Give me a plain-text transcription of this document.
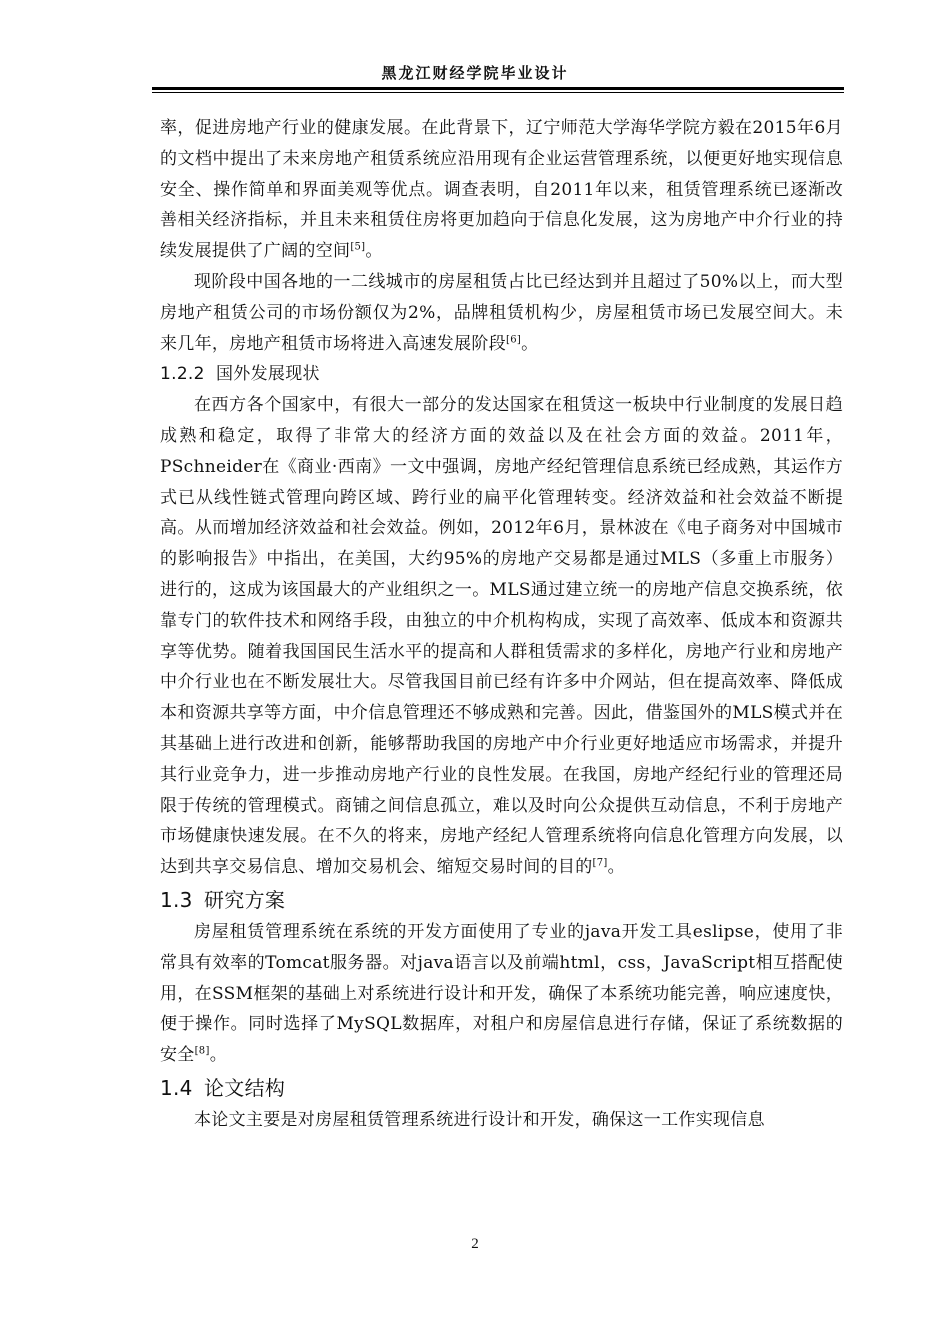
黑龙江财经学院毕业设计

率，促进房地产行业的健康发展。在此背景下，辽宁师范大学海华学院方毅在2015年6月的文档中提出了未来房地产租赁系统应沿用现有企业运营管理系统，以便更好地实现信息安全、操作简单和界面美观等优点。调查表明，自2011年以来，租赁管理系统已逐渐改善相关经济指标，并且未来租赁住房将更加趋向于信息化发展，这为房地产中介行业的持续发展提供了广阔的空间[5]。

现阶段中国各地的一二线城市的房屋租赁占比已经达到并且超过了50%以上，而大型房地产租赁公司的市场份额仅为2%，品牌租赁机构少，房屋租赁市场已发展空间大。未来几年，房地产租赁市场将进入高速发展阶段[6]。

1.2.2 国外发展现状

在西方各个国家中，有很大一部分的发达国家在租赁这一板块中行业制度的发展日趋成熟和稳定，取得了非常大的经济方面的效益以及在社会方面的效益。2011年，PSchneider在《商业·西南》一文中强调，房地产经纪管理信息系统已经成熟，其运作方式已从线性链式管理向跨区域、跨行业的扁平化管理转变。经济效益和社会效益不断提高。从而增加经济效益和社会效益。例如，2012年6月，景林波在《电子商务对中国城市的影响报告》中指出，在美国，大约95%的房地产交易都是通过MLS（多重上市服务）进行的，这成为该国最大的产业组织之一。MLS通过建立统一的房地产信息交换系统，依靠专门的软件技术和网络手段，由独立的中介机构构成，实现了高效率、低成本和资源共享等优势。随着我国国民生活水平的提高和人群租赁需求的多样化，房地产行业和房地产中介行业也在不断发展壮大。尽管我国目前已经有许多中介网站，但在提高效率、降低成本和资源共享等方面，中介信息管理还不够成熟和完善。因此，借鉴国外的MLS模式并在其基础上进行改进和创新，能够帮助我国的房地产中介行业更好地适应市场需求，并提升其行业竞争力，进一步推动房地产行业的良性发展。在我国，房地产经纪行业的管理还局限于传统的管理模式。商铺之间信息孤立，难以及时向公众提供互动信息，不利于房地产市场健康快速发展。在不久的将来，房地产经纪人管理系统将向信息化管理方向发展，以达到共享交易信息、增加交易机会、缩短交易时间的目的[7]。

1.3 研究方案

房屋租赁管理系统在系统的开发方面使用了专业的java开发工具eslipse，使用了非常具有效率的Tomcat服务器。对java语言以及前端html，css，JavaScript相互搭配使用，在SSM框架的基础上对系统进行设计和开发，确保了本系统功能完善，响应速度快，便于操作。同时选择了MySQL数据库，对租户和房屋信息进行存储，保证了系统数据的安全[8]。

1.4 论文结构

本论文主要是对房屋租赁管理系统进行设计和开发，确保这一工作实现信息

2
